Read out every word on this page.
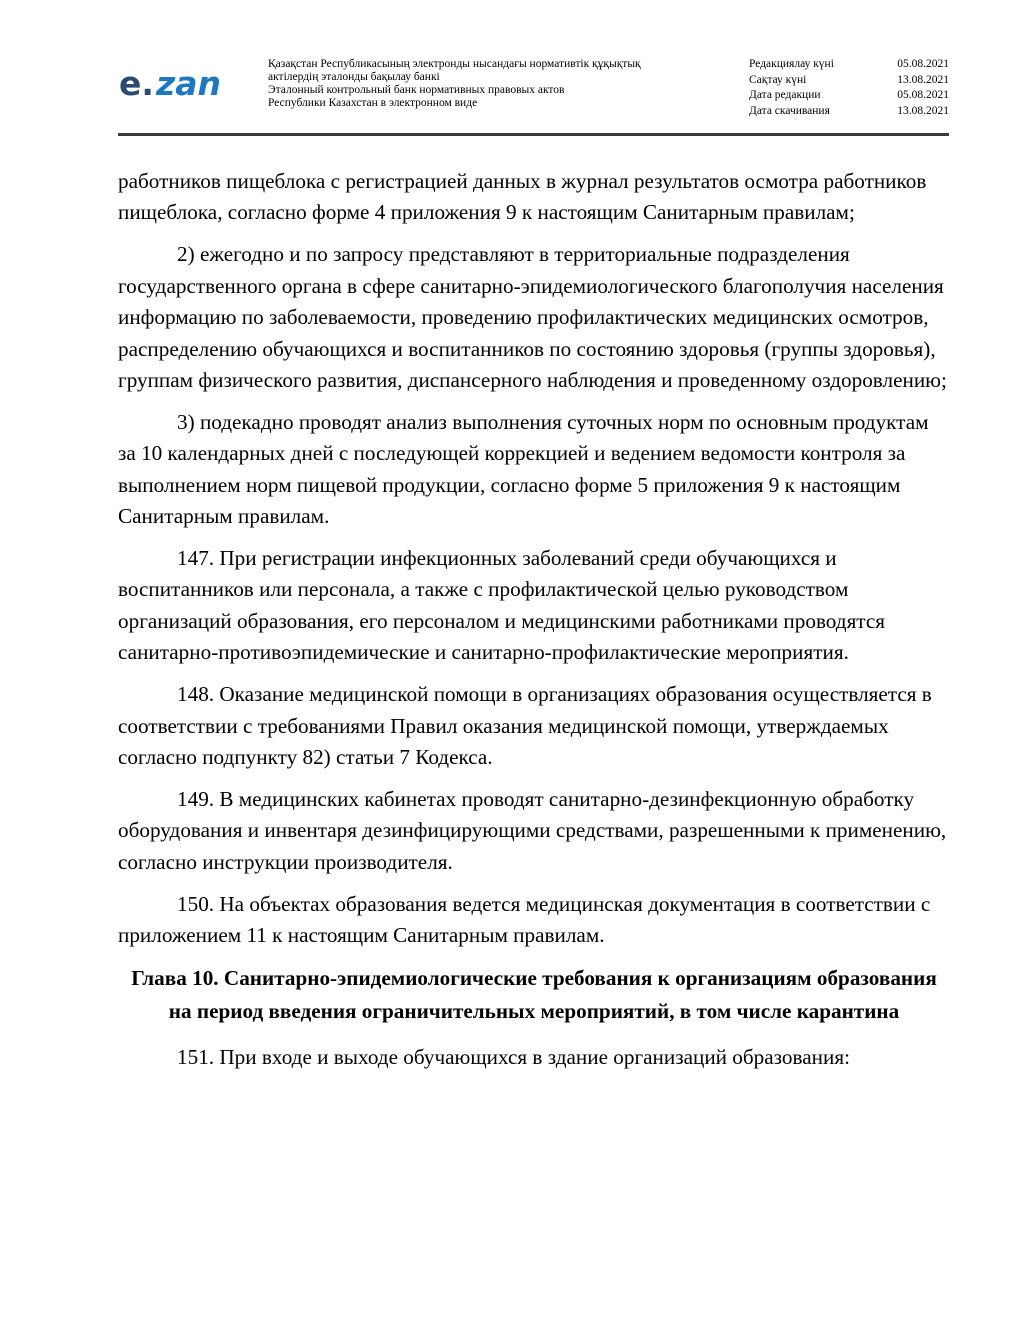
e. zan	Қазақстан Республикасының электронды нысандағы нормативтік құқықтық
актілердің эталонды бақылау банкі
Эталонный контрольный банк нормативных правовых актов
Республики Казахстан в электронном виде
Редакциялау күні	05.08.2021
Сақтау күні	13.08.2021
Дата редакции	05.08.2021
Дата скачивания	13.08.2021

работников пищеблока с регистрацией данных в журнал результатов осмотра работников пищеблока, согласно форме 4 приложения 9 к настоящим Санитарным правилам;

2) ежегодно и по запросу представляют в территориальные подразделения государственного органа в сфере санитарно-эпидемиологического благополучия населения информацию по заболеваемости, проведению профилактических медицинских осмотров, распределению обучающихся и воспитанников по состоянию здоровья (группы здоровья), группам физического развития, диспансерного наблюдения и проведенному оздоровлению;

3) подекадно проводят анализ выполнения суточных норм по основным продуктам за 10 календарных дней с последующей коррекцией и ведением ведомости контроля за выполнением норм пищевой продукции, согласно форме 5 приложения 9 к настоящим Санитарным правилам.

147. При регистрации инфекционных заболеваний среди обучающихся и воспитанников или персонала, а также с профилактической целью руководством организаций образования, его персоналом и медицинскими работниками проводятся санитарно-противоэпидемические и санитарно-профилактические мероприятия.

148. Оказание медицинской помощи в организациях образования осуществляется в соответствии с требованиями Правил оказания медицинской помощи, утверждаемых согласно подпункту 82) статьи 7 Кодекса.

149. В медицинских кабинетах проводят санитарно-дезинфекционную обработку оборудования и инвентаря дезинфицирующими средствами, разрешенными к применению, согласно инструкции производителя.

150. На объектах образования ведется медицинская документация в соответствии с приложением 11 к настоящим Санитарным правилам.

Глава 10. Санитарно-эпидемиологические требования к организациям образования на период введения ограничительных мероприятий, в том числе карантина

151. При входе и выходе обучающихся в здание организаций образования:
